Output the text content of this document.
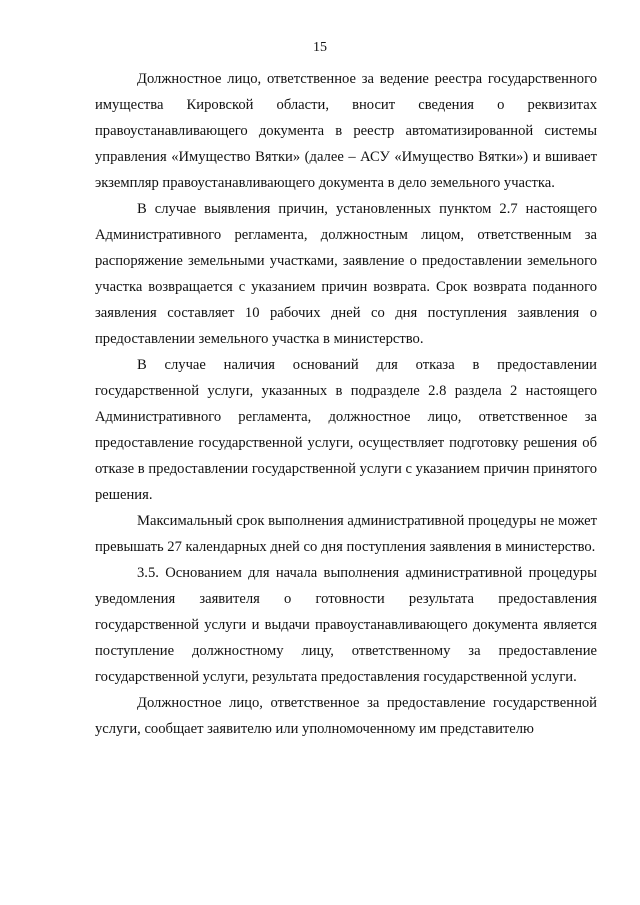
15

Должностное лицо, ответственное за ведение реестра государственного имущества Кировской области, вносит сведения о реквизитах правоустанавливающего документа в реестр автоматизированной системы управления «Имущество Вятки» (далее – АСУ «Имущество Вятки») и вшивает экземпляр правоустанавливающего документа в дело земельного участка.

В случае выявления причин, установленных пунктом 2.7 настоящего Административного регламента, должностным лицом, ответственным за распоряжение земельными участками, заявление о предоставлении земельного участка возвращается с указанием причин возврата. Срок возврата поданного заявления составляет 10 рабочих дней со дня поступления заявления о предоставлении земельного участка в министерство.

В случае наличия оснований для отказа в предоставлении государственной услуги, указанных в подразделе 2.8 раздела 2 настоящего Административного регламента, должностное лицо, ответственное за предоставление государственной услуги, осуществляет подготовку решения об отказе в предоставлении государственной услуги с указанием причин принятого решения.

Максимальный срок выполнения административной процедуры не может превышать 27 календарных дней со дня поступления заявления в министерство.

3.5. Основанием для начала выполнения административной процедуры уведомления заявителя о готовности результата предоставления государственной услуги и выдачи правоустанавливающего документа является поступление должностному лицу, ответственному за предоставление государственной услуги, результата предоставления государственной услуги.

Должностное лицо, ответственное за предоставление государственной услуги, сообщает заявителю или уполномоченному им представителю
